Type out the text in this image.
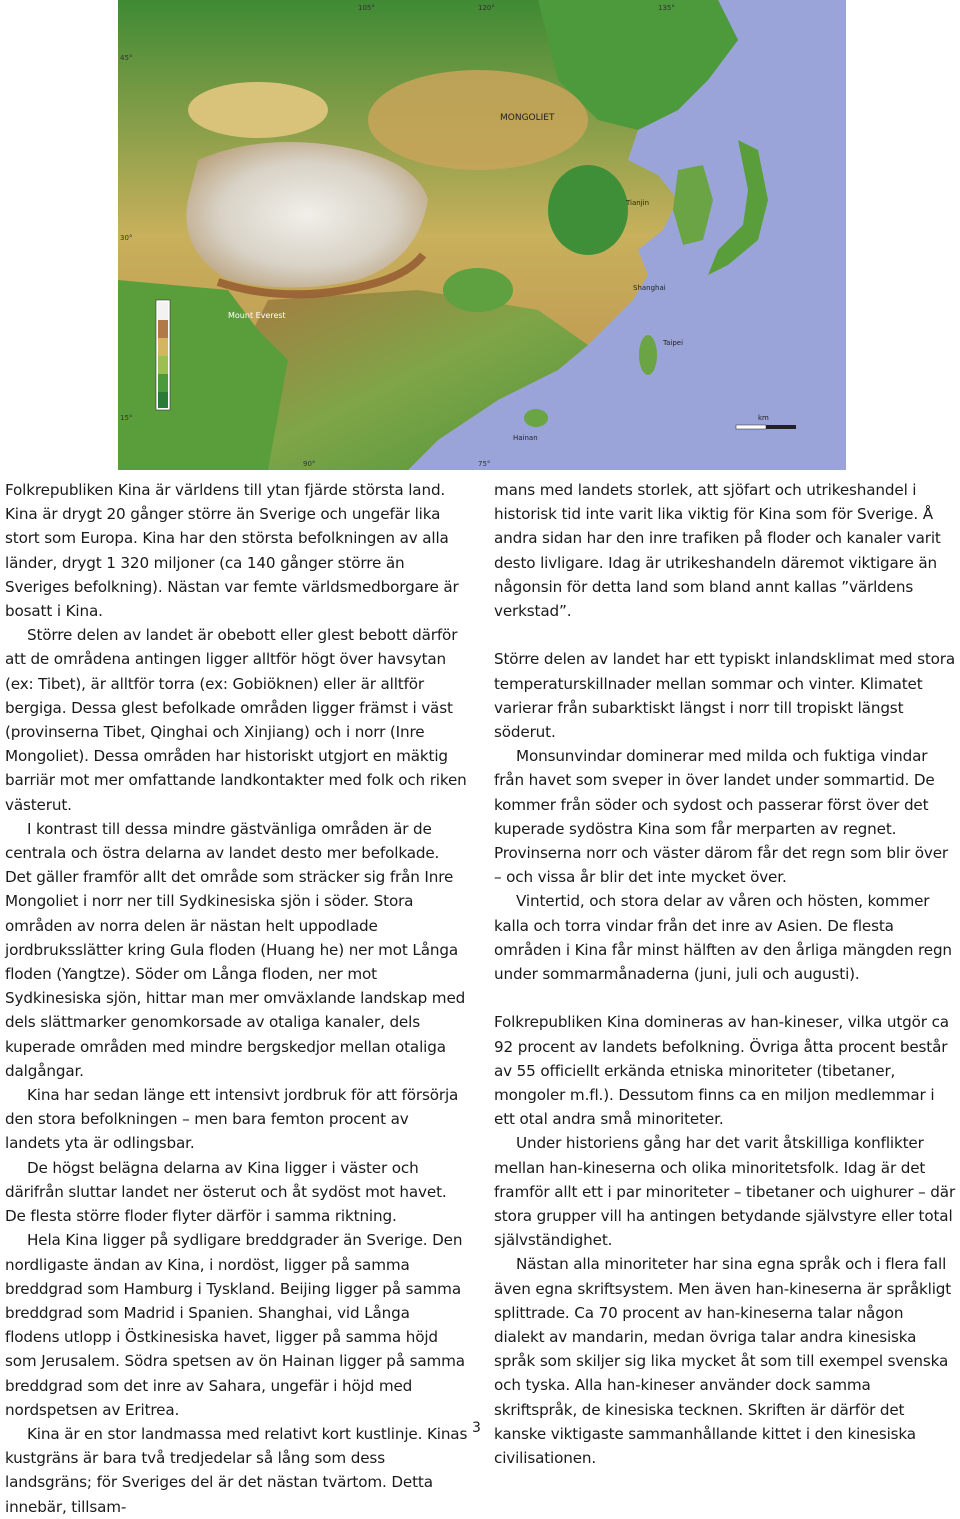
MONGOLIET
Mount Everest
Tianjin
Shanghai
Taipei
Hainan
km
105°	120°	135°
90°	75°
15°
30°
45°

Folkrepubliken Kina är världens till ytan fjärde största land. Kina är drygt 20 gånger större än Sverige och ungefär lika stort som Europa. Kina har den största befolkningen av alla länder, drygt 1 320 miljoner (ca 140 gånger större än Sveriges befolkning). Nästan var femte världsmedborgare är bosatt i Kina.

Större delen av landet är obebott eller glest bebott därför att de områdena antingen ligger alltför högt över havsytan (ex: Tibet), är alltför torra (ex: Gobiöknen) eller är alltför bergiga. Dessa glest befolkade områden ligger främst i väst (provinserna Tibet, Qinghai och Xinjiang) och i norr (Inre Mongoliet). Dessa områden har historiskt utgjort en mäktig barriär mot mer omfattande landkontakter med folk och riken västerut.

I kontrast till dessa mindre gästvänliga områden är de centrala och östra delarna av landet desto mer befolkade. Det gäller framför allt det område som sträcker sig från Inre Mongoliet i norr ner till Sydkinesiska sjön i söder. Stora områden av norra delen är nästan helt uppodlade jordbruksslätter kring Gula floden (Huang he) ner mot Långa floden (Yangtze). Söder om Långa floden, ner mot Sydkinesiska sjön, hittar man mer omväxlande landskap med dels slättmarker genomkorsade av otaliga kanaler, dels kuperade områden med mindre bergskedjor mellan otaliga dalgångar.

Kina har sedan länge ett intensivt jordbruk för att försörja den stora befolkningen – men bara femton procent av landets yta är odlingsbar.

De högst belägna delarna av Kina ligger i väster och därifrån sluttar landet ner österut och åt sydöst mot havet. De flesta större floder flyter därför i samma riktning.

Hela Kina ligger på sydligare breddgrader än Sverige. Den nordligaste ändan av Kina, i nordöst, ligger på samma breddgrad som Hamburg i Tyskland. Beijing ligger på samma breddgrad som Madrid i Spanien. Shanghai, vid Långa flodens utlopp i Östkinesiska havet, ligger på samma höjd som Jerusalem. Södra spetsen av ön Hainan ligger på samma breddgrad som det inre av Sahara, ungefär i höjd med nordspetsen av Eritrea.

Kina är en stor landmassa med relativt kort kustlinje. Kinas kustgräns är bara två tredjedelar så lång som dess landsgräns; för Sveriges del är det nästan tvärtom. Detta innebär, tillsam-

mans med landets storlek, att sjöfart och utrikeshandel i historisk tid inte varit lika viktig för Kina som för Sverige. Å andra sidan har den inre trafiken på floder och kanaler varit desto livligare. Idag är utrikeshandeln däremot viktigare än någonsin för detta land som bland annt kallas ”världens verkstad”.

Större delen av landet har ett typiskt inlandsklimat med stora temperaturskillnader mellan sommar och vinter. Klimatet varierar från subarktiskt längst i norr till tropiskt längst söderut.

Monsunvindar dominerar med milda och fuktiga vindar från havet som sveper in över landet under sommartid. De kommer från söder och sydost och passerar först över det kuperade sydöstra Kina som får merparten av regnet. Provinserna norr och väster därom får det regn som blir över – och vissa år blir det inte mycket över.

Vintertid, och stora delar av våren och hösten, kommer kalla och torra vindar från det inre av Asien. De flesta områden i Kina får minst hälften av den årliga mängden regn under sommarmånaderna (juni, juli och augusti).

Folkrepubliken Kina domineras av han-kineser, vilka utgör ca 92 procent av landets befolkning. Övriga åtta procent består av 55 officiellt erkända etniska minoriteter (tibetaner, mongoler m.fl.). Dessutom finns ca en miljon medlemmar i ett otal andra små minoriteter.

Under historiens gång har det varit åtskilliga konflikter mellan han-kineserna och olika minoritetsfolk. Idag är det framför allt ett i par minoriteter – tibetaner och uighurer – där stora grupper vill ha antingen betydande självstyre eller total självständighet.

Nästan alla minoriteter har sina egna språk och i flera fall även egna skriftsystem. Men även han-kineserna är språkligt splittrade. Ca 70 procent av han-kineserna talar någon dialekt av mandarin, medan övriga talar andra kinesiska språk som skiljer sig lika mycket åt som till exempel svenska och tyska. Alla han-kineser använder dock samma skriftspråk, de kinesiska tecknen. Skriften är därför det kanske viktigaste sammanhållande kittet i den kinesiska civilisationen.

3
